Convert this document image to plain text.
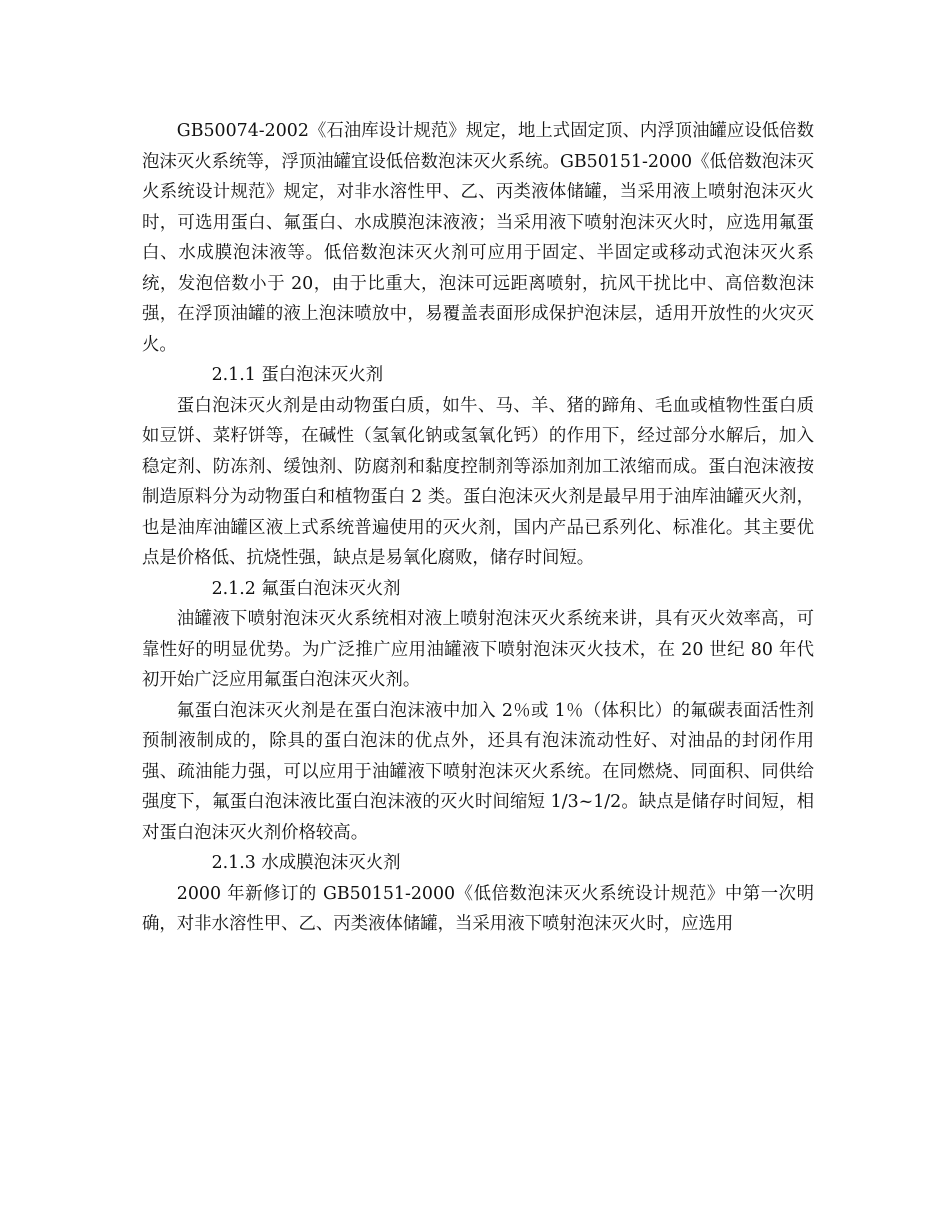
GB50074-2002《石油库设计规范》规定，地上式固定顶、内浮顶油罐应设低倍数泡沫灭火系统等，浮顶油罐宜设低倍数泡沫灭火系统。GB50151-2000《低倍数泡沫灭火系统设计规范》规定，对非水溶性甲、乙、丙类液体储罐，当采用液上喷射泡沫灭火时，可选用蛋白、氟蛋白、水成膜泡沫液液；当采用液下喷射泡沫灭火时，应选用氟蛋白、水成膜泡沫液等。低倍数泡沫灭火剂可应用于固定、半固定或移动式泡沫灭火系统，发泡倍数小于 20，由于比重大，泡沫可远距离喷射，抗风干扰比中、高倍数泡沫强，在浮顶油罐的液上泡沫喷放中，易覆盖表面形成保护泡沫层，适用开放性的火灾灭火。

2.1.1 蛋白泡沫灭火剂

蛋白泡沫灭火剂是由动物蛋白质，如牛、马、羊、猪的蹄角、毛血或植物性蛋白质如豆饼、菜籽饼等，在碱性（氢氧化钠或氢氧化钙）的作用下，经过部分水解后，加入稳定剂、防冻剂、缓蚀剂、防腐剂和黏度控制剂等添加剂加工浓缩而成。蛋白泡沫液按制造原料分为动物蛋白和植物蛋白 2 类。蛋白泡沫灭火剂是最早用于油库油罐灭火剂，也是油库油罐区液上式系统普遍使用的灭火剂，国内产品已系列化、标准化。其主要优点是价格低、抗烧性强，缺点是易氧化腐败，储存时间短。

2.1.2 氟蛋白泡沫灭火剂

油罐液下喷射泡沫灭火系统相对液上喷射泡沫灭火系统来讲，具有灭火效率高，可靠性好的明显优势。为广泛推广应用油罐液下喷射泡沫灭火技术，在 20 世纪 80 年代初开始广泛应用氟蛋白泡沫灭火剂。

氟蛋白泡沫灭火剂是在蛋白泡沫液中加入 2％或 1％（体积比）的氟碳表面活性剂预制液制成的，除具的蛋白泡沫的优点外，还具有泡沫流动性好、对油品的封闭作用强、疏油能力强，可以应用于油罐液下喷射泡沫灭火系统。在同燃烧、同面积、同供给强度下，氟蛋白泡沫液比蛋白泡沫液的灭火时间缩短 1/3~1/2。缺点是储存时间短，相对蛋白泡沫灭火剂价格较高。

2.1.3 水成膜泡沫灭火剂

2000 年新修订的 GB50151-2000《低倍数泡沫灭火系统设计规范》中第一次明确，对非水溶性甲、乙、丙类液体储罐，当采用液下喷射泡沫灭火时，应选用
